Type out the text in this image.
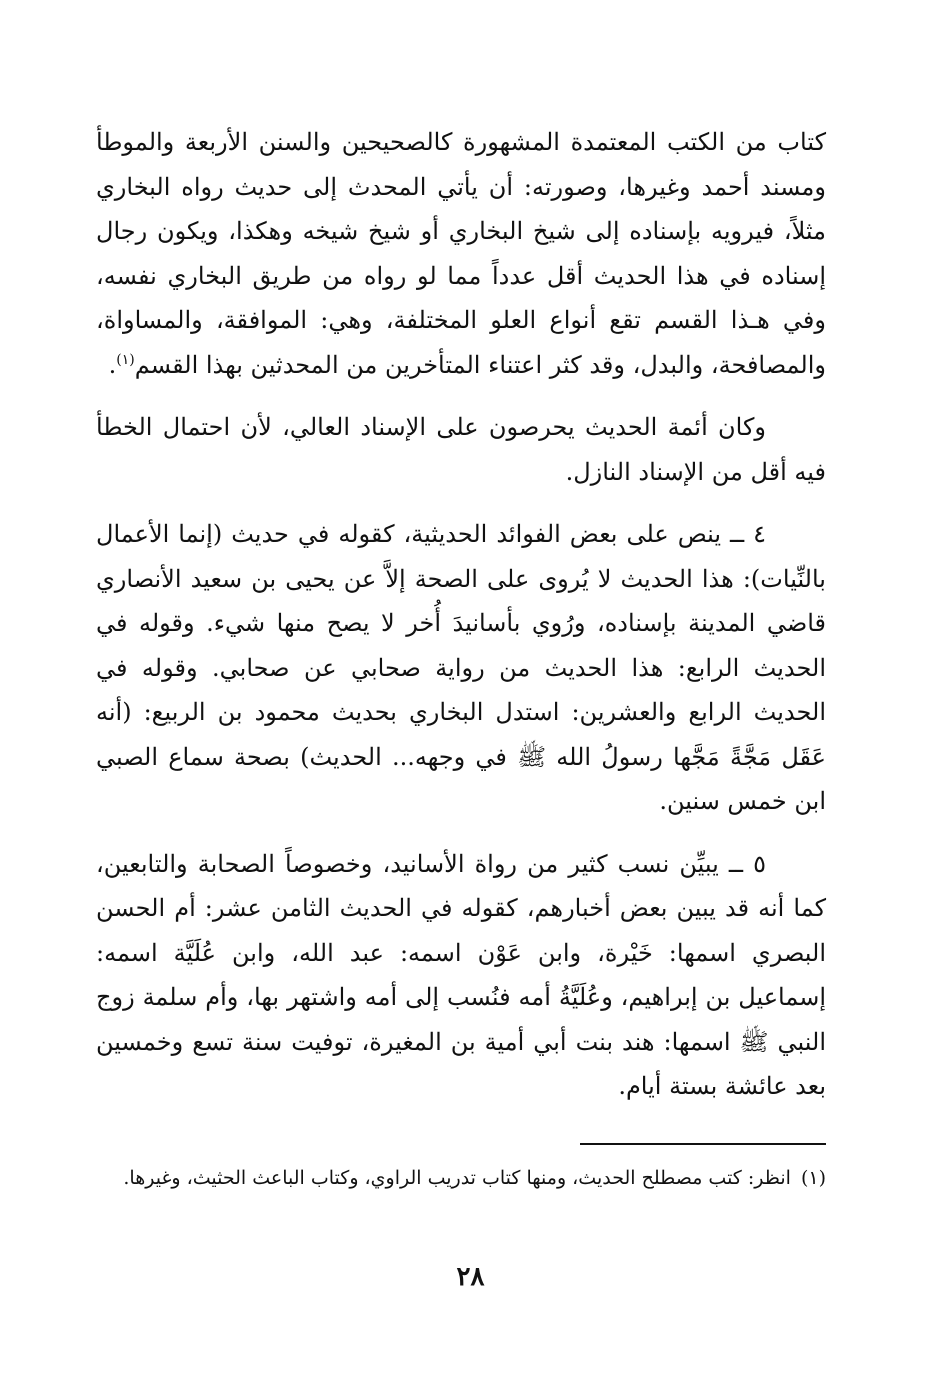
كتاب من الكتب المعتمدة المشهورة كالصحيحين والسنن الأربعة والموطأ ومسند أحمد وغيرها، وصورته: أن يأتي المحدث إلى حديث رواه البخاري مثلاً، فيرويه بإسناده إلى شيخ البخاري أو شيخ شيخه وهكذا، ويكون رجال إسناده في هذا الحديث أقل عدداً مما لو رواه من طريق البخاري نفسه، وفي هـذا القسم تقع أنواع العلو المختلفة، وهي: الموافقة، والمساواة، والمصافحة، والبدل، وقد كثر اعتناء المتأخرين من المحدثين بهذا القسم$^{(١)}$.

وكان أئمة الحديث يحرصون على الإسناد العالي، لأن احتمال الخطأ فيه أقل من الإسناد النازل.

٤ ــ ينص على بعض الفوائد الحديثية، كقوله في حديث (إنما الأعمال بالنِّيات): هذا الحديث لا يُروى على الصحة إلاَّ عن يحيى بن سعيد الأنصاري قاضي المدينة بإسناده، ورُوي بأسانيدَ أُخر لا يصح منها شيء. وقوله في الحديث الرابع: هذا الحديث من رواية صحابي عن صحابي. وقوله في الحديث الرابع والعشرين: استدل البخاري بحديث محمود بن الربيع: (أنه عَقَل مَجَّةً مَجَّها رسولُ الله ﷺ في وجهه... الحديث) بصحة سماع الصبي ابن خمس سنين.

٥ ــ يبيِّن نسب كثير من رواة الأسانيد، وخصوصاً الصحابة والتابعين، كما أنه قد يبين بعض أخبارهم، كقوله في الحديث الثامن عشر: أم الحسن البصري اسمها: خَيْرة، وابن عَوْن اسمه: عبد الله، وابن عُلَيَّة اسمه: إسماعيل بن إبراهيم، وعُلَيَّةُ أمه فنُسب إلى أمه واشتهر بها، وأم سلمة زوج النبي ﷺ اسمها: هند بنت أبي أمية بن المغيرة، توفيت سنة تسع وخمسين بعد عائشة بستة أيام.

(١)انظر: كتب مصطلح الحديث، ومنها كتاب تدريب الراوي، وكتاب الباعث الحثيث، وغيرها.
٢٨
